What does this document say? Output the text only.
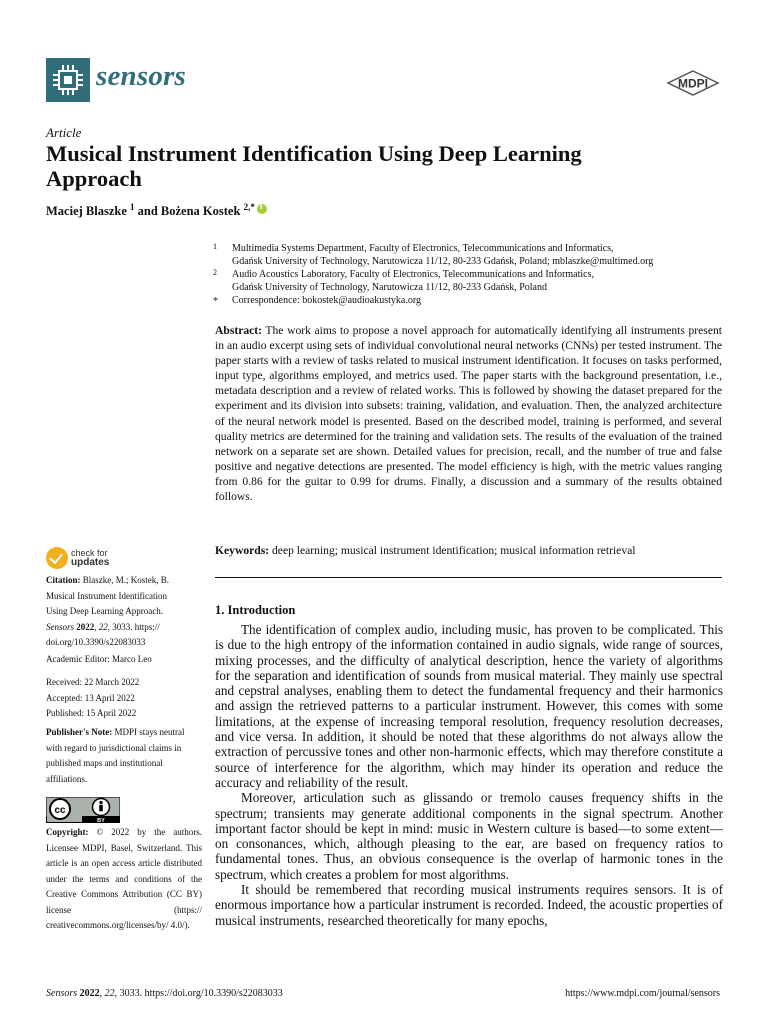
sensors	MDPI
Article
Musical Instrument Identification Using Deep Learning Approach
Maciej Blaszke $^1$ and Bożena Kostek $^{2,*}$i
1 Multimedia Systems Department, Faculty of Electronics, Telecommunications and Informatics,
Gdańsk University of Technology, Narutowicza 11/12, 80-233 Gdańsk, Poland; mblaszke@multimed.org
2 Audio Acoustics Laboratory, Faculty of Electronics, Telecommunications and Informatics,
Gdańsk University of Technology, Narutowicza 11/12, 80-233 Gdańsk, Poland
* Correspondence: bokostek@audioakustyka.org
Abstract: The work aims to propose a novel approach for automatically identifying all instruments present in an audio excerpt using sets of individual convolutional neural networks (CNNs) per tested instrument. The paper starts with a review of tasks related to musical instrument identification. It focuses on tasks performed, input type, algorithms employed, and metrics used. The paper starts with the background presentation, i.e., metadata description and a review of related works. This is followed by showing the dataset prepared for the experiment and its division into subsets: training, validation, and evaluation. Then, the analyzed architecture of the neural network model is presented. Based on the described model, training is performed, and several quality metrics are determined for the training and validation sets. The results of the evaluation of the trained network on a separate set are shown. Detailed values for precision, recall, and the number of true and false positive and negative detections are presented. The model efficiency is high, with the metric values ranging from 0.86 for the guitar to 0.99 for drums. Finally, a discussion and a summary of the results obtained follows.
Keywords: deep learning; musical instrument identification; musical information retrieval
1. Introduction

The identification of complex audio, including music, has proven to be complicated. This is due to the high entropy of the information contained in audio signals, wide range of sources, mixing processes, and the difficulty of analytical description, hence the variety of algorithms for the separation and identification of sounds from musical material. They mainly use spectral and cepstral analyses, enabling them to detect the fundamental frequency and their harmonics and assign the retrieved patterns to a particular instrument. However, this comes with some limitations, at the expense of increasing temporal resolution, frequency resolution decreases, and vice versa. In addition, it should be noted that these algorithms do not always allow the extraction of percussive tones and other non-harmonic effects, which may therefore constitute a source of interference for the algorithm, which may hinder its operation and reduce the accuracy and reliability of the result.

Moreover, articulation such as glissando or tremolo causes frequency shifts in the spectrum; transients may generate additional components in the signal spectrum. Another important factor should be kept in mind: music in Western culture is based—to some extent—on consonances, which, although pleasing to the ear, are based on frequency ratios to fundamental tones. Thus, an obvious consequence is the overlap of harmonic tones in the spectrum, which creates a problem for most algorithms.

It should be remembered that recording musical instruments requires sensors. It is of enormous importance how a particular instrument is recorded. Indeed, the acoustic properties of musical instruments, researched theoretically for many epochs,

check for
updates

Citation: Blaszke, M.; Kostek, B.

Musical Instrument Identification

Using Deep Learning Approach.

Sensors 2022, 22, 3033. https://

doi.org/10.3390/s22083033

Academic Editor: Marco Leo

Received: 22 March 2022

Accepted: 13 April 2022

Published: 15 April 2022

Publisher's Note: MDPI stays neutral with regard to jurisdictional claims in published maps and institutional affiliations.
cc
BY
Copyright: © 2022 by the authors. Licensee MDPI, Basel, Switzerland. This article is an open access article distributed under the terms and conditions of the Creative Commons Attribution (CC BY) license (https:// creativecommons.org/licenses/by/ 4.0/).
Sensors 2022, 22, 3033. https://doi.org/10.3390/s22083033	https://www.mdpi.com/journal/sensors
